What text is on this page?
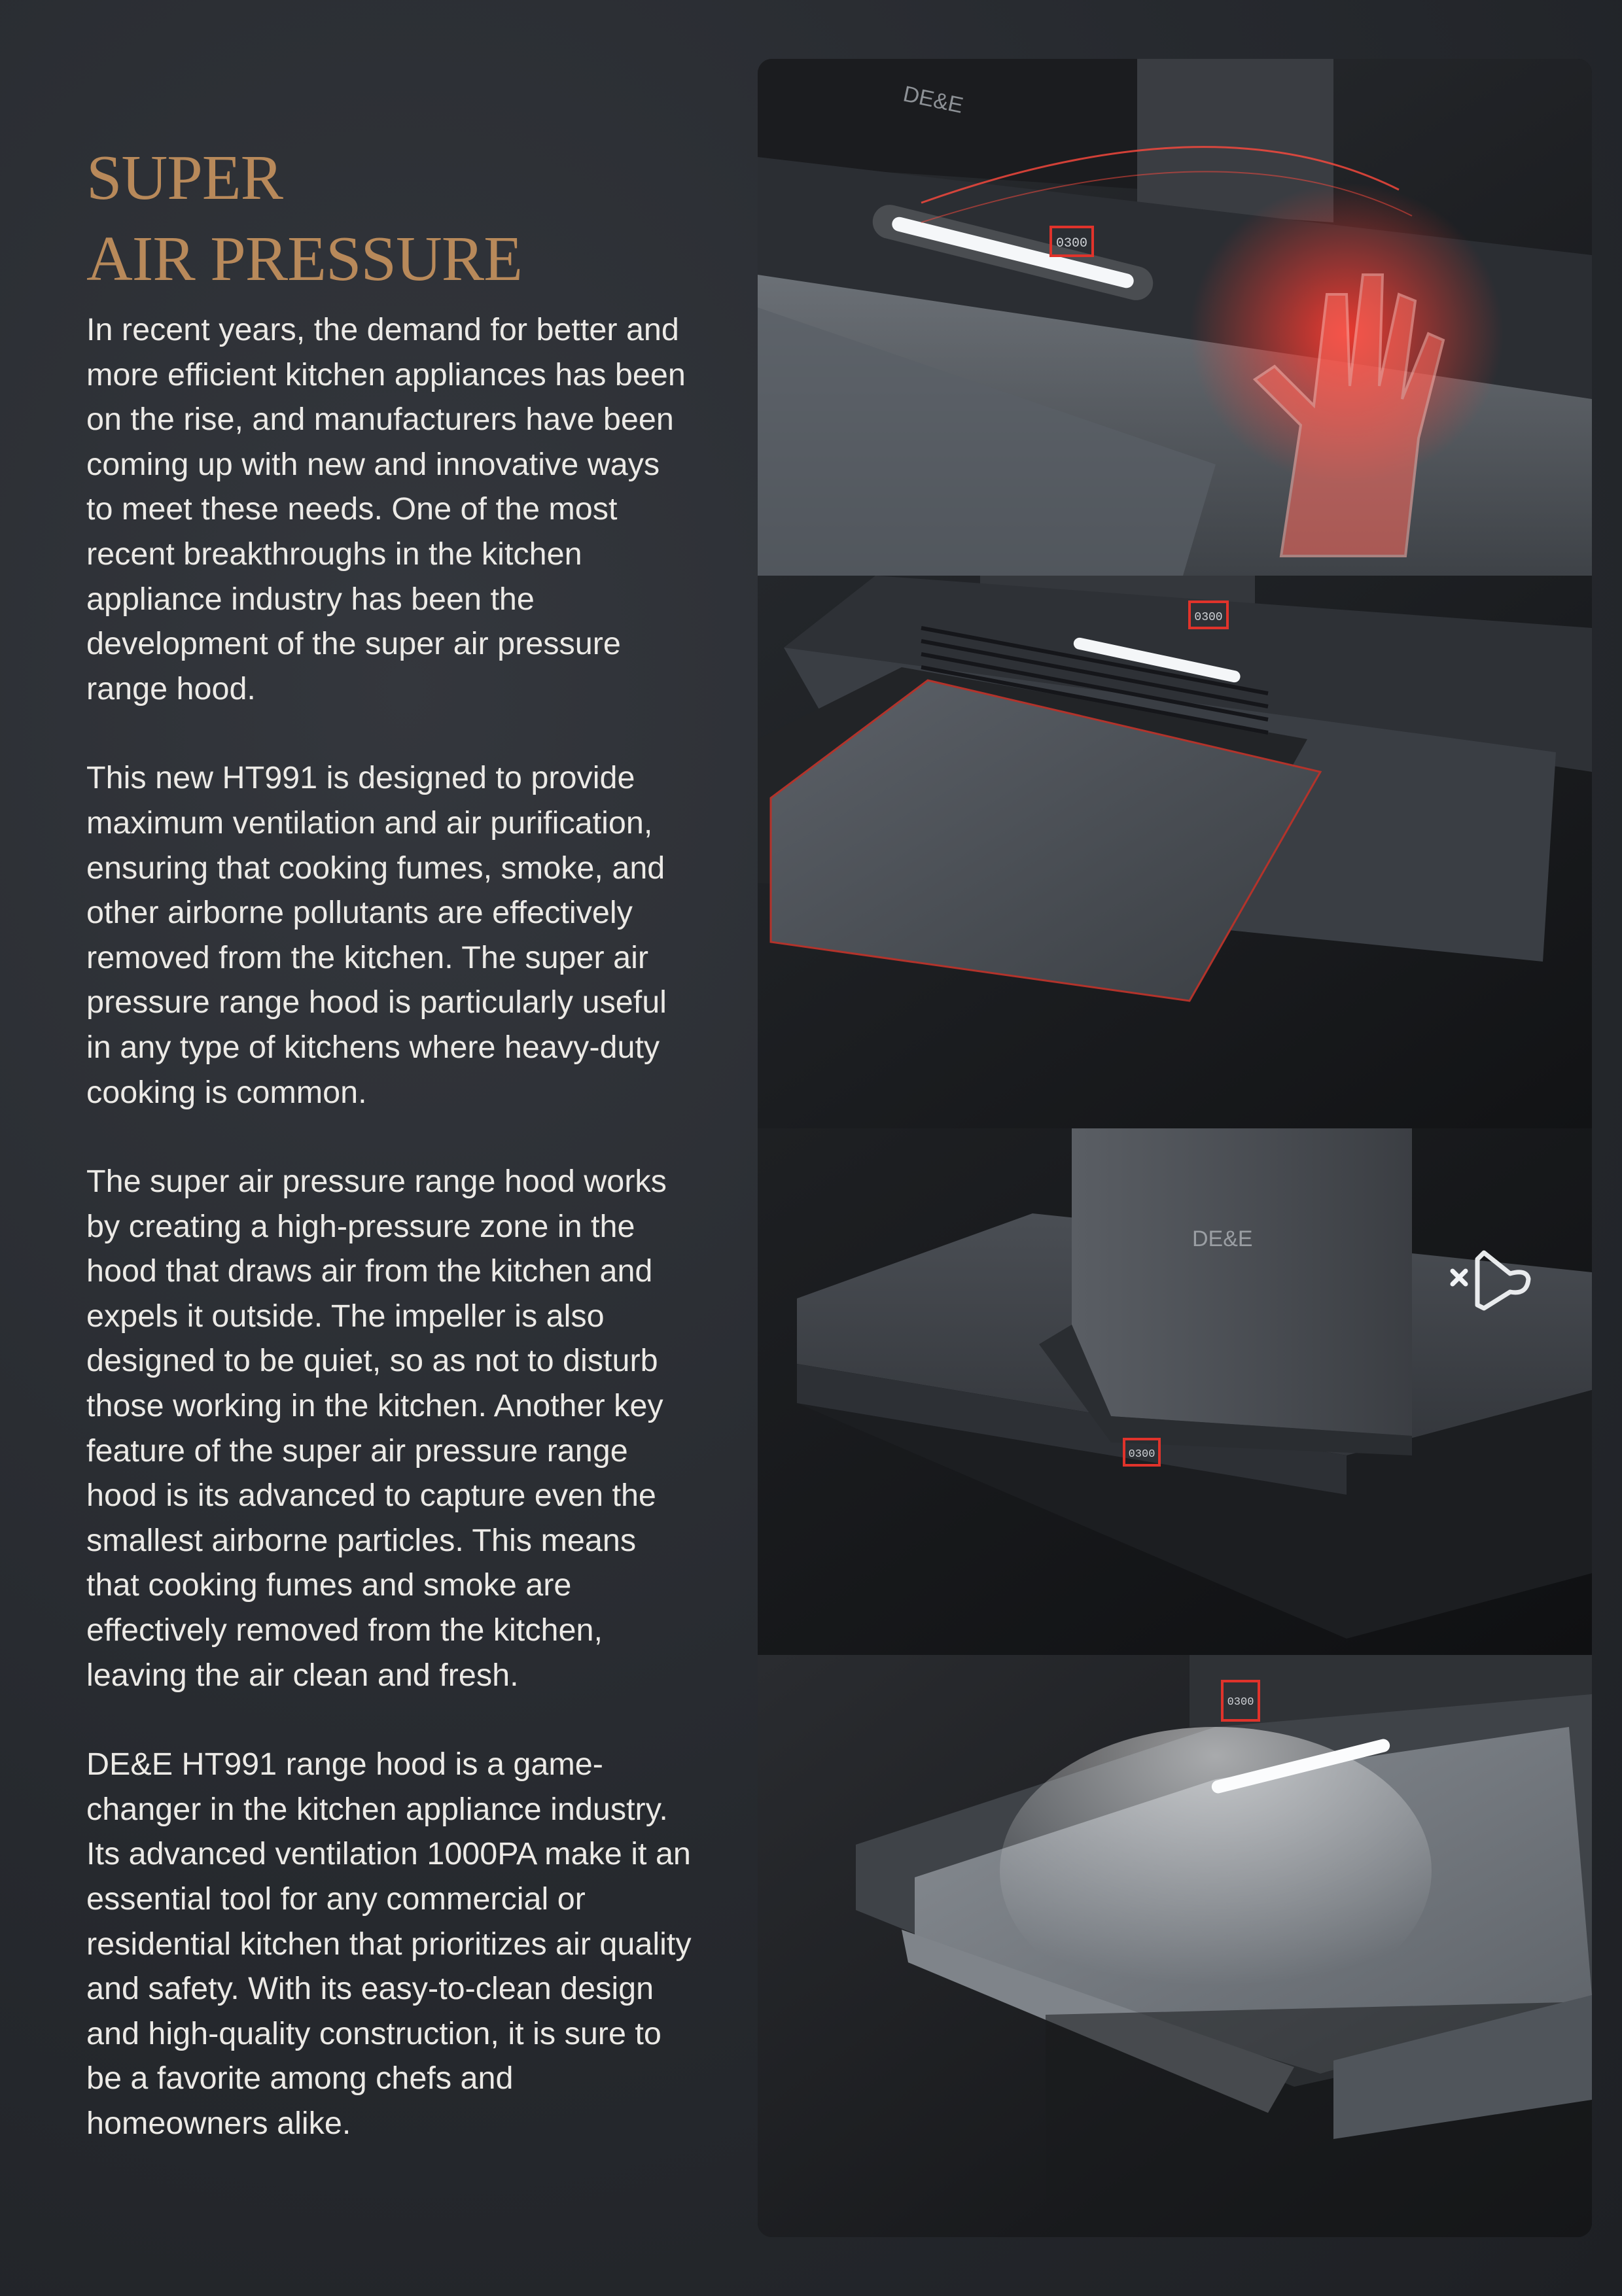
SUPER
AIR PRESSURE

In recent years, the demand for better and more efficient kitchen appliances has been on the rise, and manufacturers have been coming up with new and innovative ways to meet these needs. One of the most recent breakthroughs in the kitchen appliance industry has been the development of the super air pressure range hood.

This new HT991 is designed to provide maximum ventilation and air purification, ensuring that cooking fumes, smoke, and other airborne pollutants are effectively removed from the kitchen. The super air pressure range hood is particularly useful in any type of kitchens where heavy-duty cooking is common.

The super air pressure range hood works by creating a high-pressure zone in the hood that draws air from the kitchen and expels it outside. The impeller is also designed to be quiet, so as not to disturb those working in the kitchen. Another key feature of the super air pressure range hood is its advanced to capture even the smallest airborne particles. This means that cooking fumes and smoke are effectively removed from the kitchen, leaving the air clean and fresh.

DE&E HT991 range hood is a game-changer in the kitchen appliance industry. Its advanced ventilation 1000PA make it an essential tool for any commercial or residential kitchen that prioritizes air quality and safety. With its easy-to-clean design and high-quality construction, it is sure to be a favorite among chefs and homeowners alike.

0300
DE&E
0300
0300
DE&E
0300
